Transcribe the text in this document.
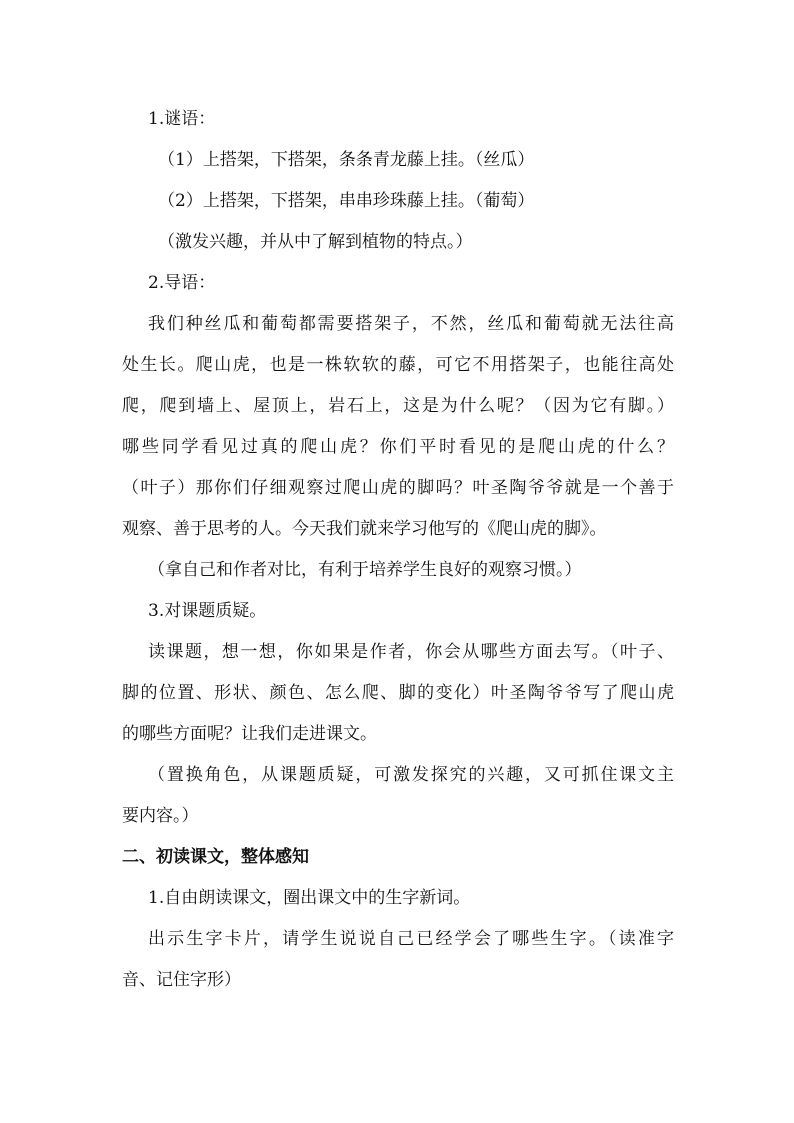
1.谜语：
（1）上搭架，下搭架，条条青龙藤上挂。（丝瓜）
（2）上搭架，下搭架，串串珍珠藤上挂。（葡萄）
（激发兴趣，并从中了解到植物的特点。）
2.导语：
我们种丝瓜和葡萄都需要搭架子，不然，丝瓜和葡萄就无法往高
处生长。爬山虎，也是一株软软的藤，可它不用搭架子，也能往高处
爬，爬到墙上、屋顶上，岩石上，这是为什么呢？（因为它有脚。）
哪些同学看见过真的爬山虎？你们平时看见的是爬山虎的什么？
（叶子）那你们仔细观察过爬山虎的脚吗？叶圣陶爷爷就是一个善于
观察、善于思考的人。今天我们就来学习他写的《爬山虎的脚》。
（拿自己和作者对比，有利于培养学生良好的观察习惯。）
3.对课题质疑。
读课题，想一想，你如果是作者，你会从哪些方面去写。（叶子、
脚的位置、形状、颜色、怎么爬、脚的变化）叶圣陶爷爷写了爬山虎
的哪些方面呢？让我们走进课文。
（置换角色，从课题质疑，可激发探究的兴趣，又可抓住课文主
要内容。）
二、初读课文，整体感知
1.自由朗读课文，圈出课文中的生字新词。
出示生字卡片，请学生说说自己已经学会了哪些生字。（读准字
音、记住字形）
